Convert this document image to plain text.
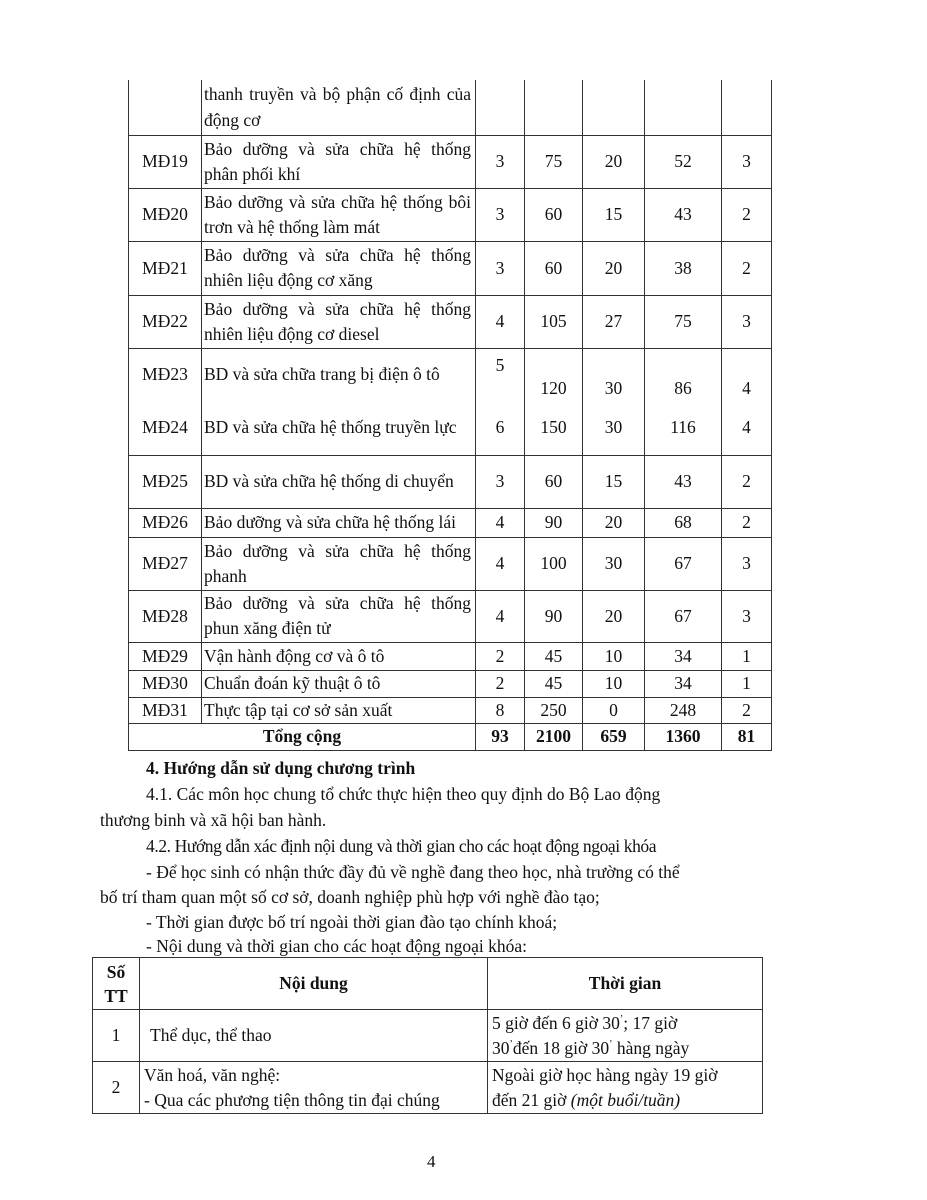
	thanh truyền và bộ phận cố định của động cơ					
MĐ19	Bảo dưỡng và sửa chữa hệ thống phân phối khí	3	75	20	52	3
MĐ20	Bảo dưỡng và sửa chữa hệ thống bôi trơn và hệ thống làm mát	3	60	15	43	2
MĐ21	Bảo dưỡng và sửa chữa hệ thống nhiên liệu động cơ xăng	3	60	20	38	2
MĐ22	Bảo dưỡng và sửa chữa hệ thống nhiên liệu động cơ diesel	4	105	27	75	3
MĐ23	BD và sửa chữa trang bị điện ô tô	5	120	30	86	4
MĐ24	BD và sửa chữa hệ thống truyền lực	6	150	30	116	4
MĐ25	BD và sửa chữa hệ thống di chuyển	3	60	15	43	2
MĐ26	Bảo dưỡng và sửa chữa hệ thống lái	4	90	20	68	2
MĐ27	Bảo dưỡng và sửa chữa hệ thống phanh	4	100	30	67	3
MĐ28	Bảo dưỡng và sửa chữa hệ thống phun xăng điện tử	4	90	20	67	3
MĐ29	Vận hành động cơ và ô tô	2	45	10	34	1
MĐ30	Chuẩn đoán kỹ thuật ô tô	2	45	10	34	1
MĐ31	Thực tập tại cơ sở sản xuất	8	250	0	248	2
Tổng cộng		93	2100	659	1360	81
4. Hướng dẫn sử dụng chương trình
4.1. Các môn học chung tổ chức thực hiện theo quy định do Bộ Lao động
thương binh và xã hội ban hành.
4.2. Hướng dẫn xác định nội dung và thời gian cho các hoạt động ngoại khóa
- Để học sinh có nhận thức đầy đủ về nghề đang theo học, nhà trường có thể
bố trí tham quan một số cơ sở, doanh nghiệp phù hợp với nghề đào tạo;
- Thời gian được bố trí ngoài thời gian đào tạo chính khoá;
- Nội dung và thời gian cho các hoạt động ngoại khóa:
Số
TT	Nội dung	Thời gian
1	Thể dục, thể thao	5 giờ đến 6 giờ 30’; 17 giờ
30’đến 18 giờ 30’ hàng ngày
2	Văn hoá, văn nghệ:
- Qua các phương tiện thông tin đại chúng	Ngoài giờ học hàng ngày 19 giờ
đến 21 giờ (một buổi/tuần)
4
